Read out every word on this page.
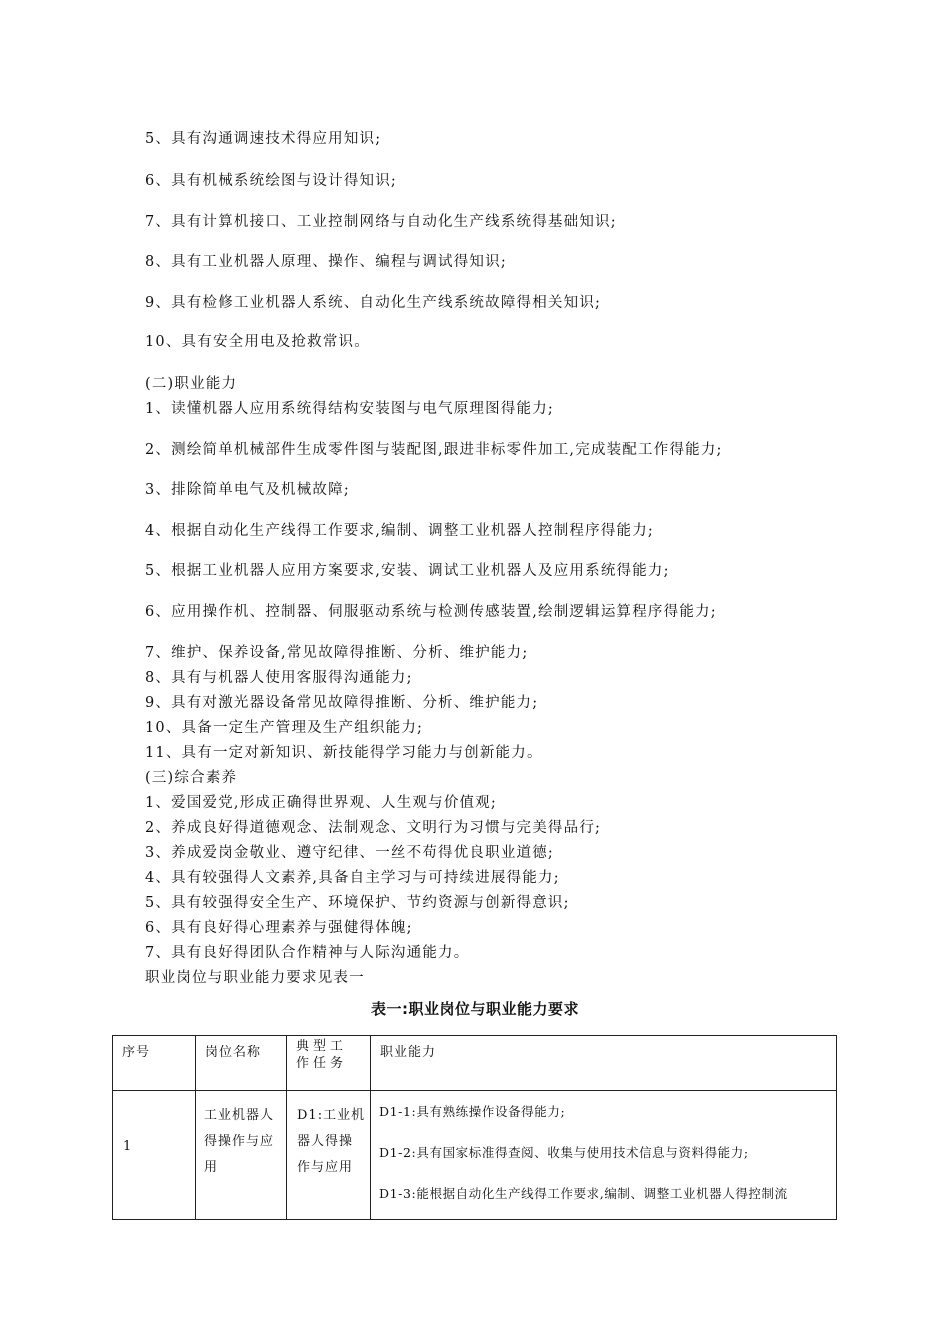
5、具有沟通调速技术得应用知识;
6、具有机械系统绘图与设计得知识;
7、具有计算机接口、工业控制网络与自动化生产线系统得基础知识;
8、具有工业机器人原理、操作、编程与调试得知识;
9、具有检修工业机器人系统、自动化生产线系统故障得相关知识;
10、具有安全用电及抢救常识。
(二)职业能力
1、读懂机器人应用系统得结构安装图与电气原理图得能力;
2、测绘简单机械部件生成零件图与装配图,跟进非标零件加工,完成装配工作得能力;
3、排除简单电气及机械故障;
4、根据自动化生产线得工作要求,编制、调整工业机器人控制程序得能力;
5、根据工业机器人应用方案要求,安装、调试工业机器人及应用系统得能力;
6、应用操作机、控制器、伺服驱动系统与检测传感装置,绘制逻辑运算程序得能力;
7、维护、保养设备,常见故障得推断、分析、维护能力;
8、具有与机器人使用客服得沟通能力;
9、具有对激光器设备常见故障得推断、分析、维护能力;
10、具备一定生产管理及生产组织能力;
11、具有一定对新知识、新技能得学习能力与创新能力。
(三)综合素养
1、爱国爱党,形成正确得世界观、人生观与价值观;
2、养成良好得道德观念、法制观念、文明行为习惯与完美得品行;
3、养成爱岗金敬业、遵守纪律、一丝不苟得优良职业道德;
4、具有较强得人文素养,具备自主学习与可持续进展得能力;
5、具有较强得安全生产、环境保护、节约资源与创新得意识;
6、具有良好得心理素养与强健得体魄;
7、具有良好得团队合作精神与人际沟通能力。
职业岗位与职业能力要求见表一
表一:职业岗位与职业能力要求
序号	岗位名称	典型工作任务	职业能力

1	工业机器人得操作与应用	D1:工业机器人得操作与应用	D1-1:具有熟练操作设备得能力;
D1-2:具有国家标准得查阅、收集与使用技术信息与资料得能力;
D1-3:能根据自动化生产线得工作要求,编制、调整工业机器人得控制流
